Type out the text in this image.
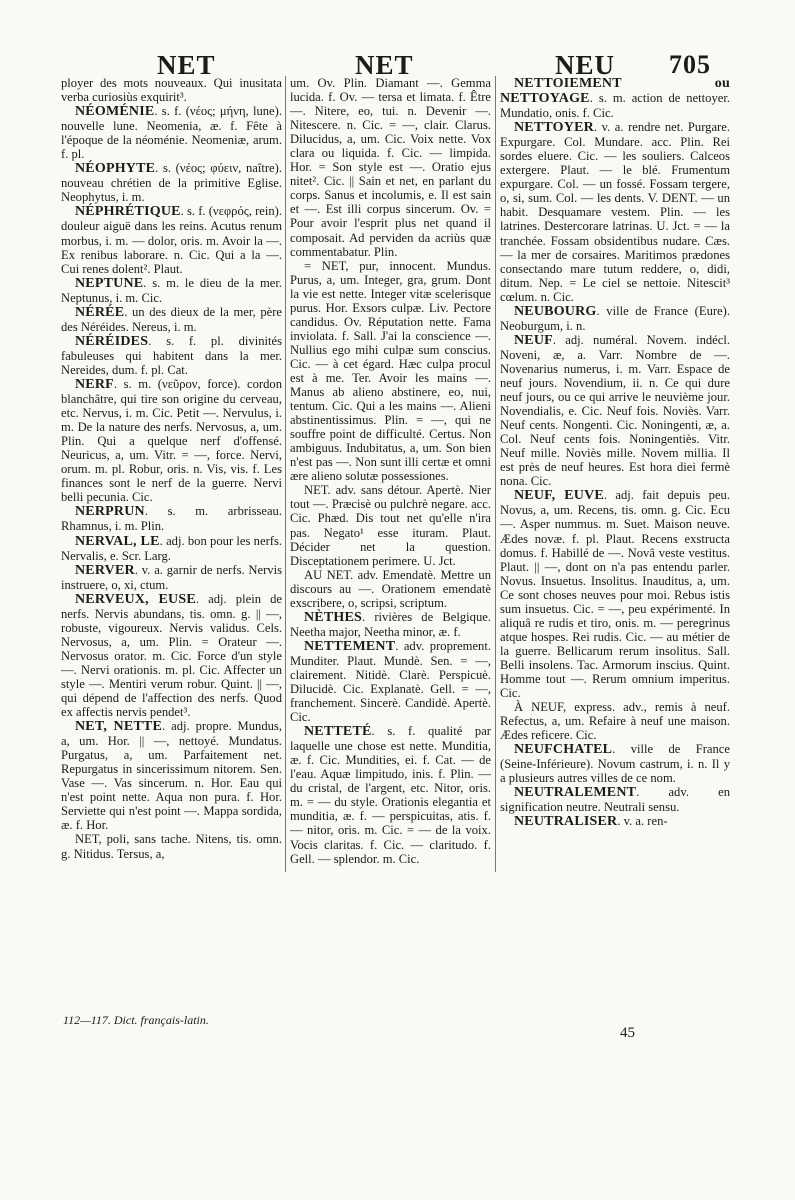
NET	NET	NEU 705

ployer des mots nouveaux. Qui inusitata verba curiosiùs exquirit³.

NÉOMÉNIE. s. f. (νέος; μήνη, lune). nouvelle lune. Neomenia, æ. f. Fête à l'époque de la néoménie. Neomeniæ, arum. f. pl.

NÉOPHYTE. s. (νέος; φύειν, naître). nouveau chrétien de la primitive Eglise. Neophytus, i. m.

NÉPHRÉTIQUE. s. f. (νεφρός, rein). douleur aiguë dans les reins. Acutus renum morbus, i. m. — dolor, oris. m. Avoir la —. Ex renibus laborare. n. Cic. Qui a la —. Cui renes dolent². Plaut.

NEPTUNE. s. m. le dieu de la mer. Neptunus, i. m. Cic.

NÉRÉE. un des dieux de la mer, père des Néréides. Nereus, i. m.

NÉRÉIDES. s. f. pl. divinités fabuleuses qui habitent dans la mer. Nereides, dum. f. pl. Cat.

NERF. s. m. (νεῦρον, force). cordon blanchâtre, qui tire son origine du cerveau, etc. Nervus, i. m. Cic. Petit —. Nervulus, i. m. De la nature des nerfs. Nervosus, a, um. Plin. Qui a quelque nerf d'offensé. Neuricus, a, um. Vitr. = —, force. Nervi, orum. m. pl. Robur, oris. n. Vis, vis. f. Les finances sont le nerf de la guerre. Nervi belli pecunia. Cic.

NERPRUN. s. m. arbrisseau. Rhamnus, i. m. Plin.

NERVAL, LE. adj. bon pour les nerfs. Nervalis, e. Scr. Larg.

NERVER. v. a. garnir de nerfs. Nervis instruere, o, xi, ctum.

NERVEUX, EUSE. adj. plein de nerfs. Nervis abundans, tis. omn. g. || —, robuste, vigoureux. Nervis validus. Cels. Nervosus, a, um. Plin. = Orateur —. Nervosus orator. m. Cic. Force d'un style —. Nervi orationis. m. pl. Cic. Affecter un style —. Mentiri verum robur. Quint. || —, qui dépend de l'affection des nerfs. Quod ex affectis nervis pendet³.

NET, NETTE. adj. propre. Mundus, a, um. Hor. || —, nettoyé. Mundatus. Purgatus, a, um. Parfaitement net. Repurgatus in sincerissimum nitorem. Sen. Vase —. Vas sincerum. n. Hor. Eau qui n'est point nette. Aqua non pura. f. Hor. Serviette qui n'est point —. Mappa sordida, æ. f. Hor.

NET, poli, sans tache. Nitens, tis. omn. g. Nitidus. Tersus, a,

um. Ov. Plin. Diamant —. Gemma lucida. f. Ov. — tersa et limata. f. Être —. Nitere, eo, tui. n. Devenir —. Nitescere. n. Cic. = —, clair. Clarus. Dilucidus, a, um. Cic. Voix nette. Vox clara ou liquida. f. Cic. — limpida. Hor. = Son style est —. Oratio ejus nitet². Cic. || Sain et net, en parlant du corps. Sanus et incolumis, e. Il est sain et —. Est illi corpus sincerum. Ov. = Pour avoir l'esprit plus net quand il composait. Ad perviden da acriùs quæ commentabatur. Plin.

= NET, pur, innocent. Mundus. Purus, a, um. Integer, gra, grum. Dont la vie est nette. Integer vitæ scelerisque purus. Hor. Exsors culpæ. Liv. Pectore candidus. Ov. Réputation nette. Fama inviolata. f. Sall. J'ai la conscience —. Nullius ego mihi culpæ sum conscius. Cic. — à cet égard. Hæc culpa procul est à me. Ter. Avoir les mains —. Manus ab alieno abstinere, eo, nui, tentum. Cic. Qui a les mains —. Alieni abstinentissimus. Plin. = —, qui ne souffre point de difficulté. Certus. Non ambiguus. Indubitatus, a, um. Son bien n'est pas —. Non sunt illi certæ et omni ære alieno solutæ possessiones.

NET. adv. sans détour. Apertè. Nier tout —. Præcisè ou pulchrè negare. acc. Cic. Phæd. Dis tout net qu'elle n'ira pas. Negato¹ esse ituram. Plaut. Décider net la question. Disceptationem perimere. U. Jct.

AU NET. adv. Emendatè. Mettre un discours au —. Orationem emendatè exscribere, o, scripsi, scriptum.

NÈTHES. rivières de Belgique. Neetha major, Neetha minor, æ. f.

NETTEMENT. adv. proprement. Munditer. Plaut. Mundè. Sen. = —, clairement. Nitidè. Clarè. Perspicuè. Dilucidè. Cic. Explanatè. Gell. = —, franchement. Sincerè. Candidè. Apertè. Cic.

NETTETÉ. s. f. qualité par laquelle une chose est nette. Munditia, æ. f. Cic. Mundities, ei. f. Cat. — de l'eau. Aquæ limpitudo, inis. f. Plin. — du cristal, de l'argent, etc. Nitor, oris. m. = — du style. Orationis elegantia et munditia, æ. f. — perspicuitas, atis. f. — nitor, oris. m. Cic. = — de la voix. Vocis claritas. f. Cic. — claritudo. f. Gell. — splendor. m. Cic.

NETTOIEMENT ou NETTOYAGE. s. m. action de nettoyer. Mundatio, onis. f. Cic.

NETTOYER. v. a. rendre net. Purgare. Expurgare. Col. Mundare. acc. Plin. Rei sordes eluere. Cic. — les souliers. Calceos extergere. Plaut. — le blé. Frumentum expurgare. Col. — un fossé. Fossam tergere, o, si, sum. Col. — les dents. V. DENT. — un habit. Desquamare vestem. Plin. — les latrines. Destercorare latrinas. U. Jct. = — la tranchée. Fossam obsidentibus nudare. Cæs. — la mer de corsaires. Maritimos prædones consectando mare tutum reddere, o, didi, ditum. Nep. = Le ciel se nettoie. Nitescit³ cœlum. n. Cic.

NEUBOURG. ville de France (Eure). Neoburgum, i. n.

NEUF. adj. numéral. Novem. indécl. Noveni, æ, a. Varr. Nombre de —. Novenarius numerus, i. m. Varr. Espace de neuf jours. Novendium, ii. n. Ce qui dure neuf jours, ou ce qui arrive le neuvième jour. Novendialis, e. Cic. Neuf fois. Noviès. Varr. Neuf cents. Nongenti. Cic. Noningenti, æ, a. Col. Neuf cents fois. Noningentiès. Vitr. Neuf mille. Noviès mille. Novem millia. Il est près de neuf heures. Est hora diei fermè nona. Cic.

NEUF, EUVE. adj. fait depuis peu. Novus, a, um. Recens, tis. omn. g. Cic. Ecu —. Asper nummus. m. Suet. Maison neuve. Ædes novæ. f. pl. Plaut. Recens exstructa domus. f. Habillé de —. Novâ veste vestitus. Plaut. || —, dont on n'a pas entendu parler. Novus. Insuetus. Insolitus. Inauditus, a, um. Ce sont choses neuves pour moi. Rebus istis sum insuetus. Cic. = —, peu expérimenté. In aliquâ re rudis et tiro, onis. m. — peregrinus atque hospes. Rei rudis. Cic. — au métier de la guerre. Bellicarum rerum insolitus. Sall. Belli insolens. Tac. Armorum inscius. Quint. Homme tout —. Rerum omnium imperitus. Cic.

À NEUF, express. adv., remis à neuf. Refectus, a, um. Refaire à neuf une maison. Ædes reficere. Cic.

NEUFCHATEL. ville de France (Seine-Inférieure). Novum castrum, i. n. Il y a plusieurs autres villes de ce nom.

NEUTRALEMENT. adv. en signification neutre. Neutrali sensu.

NEUTRALISER. v. a. ren-

112—117. Dict. français-latin.
45
